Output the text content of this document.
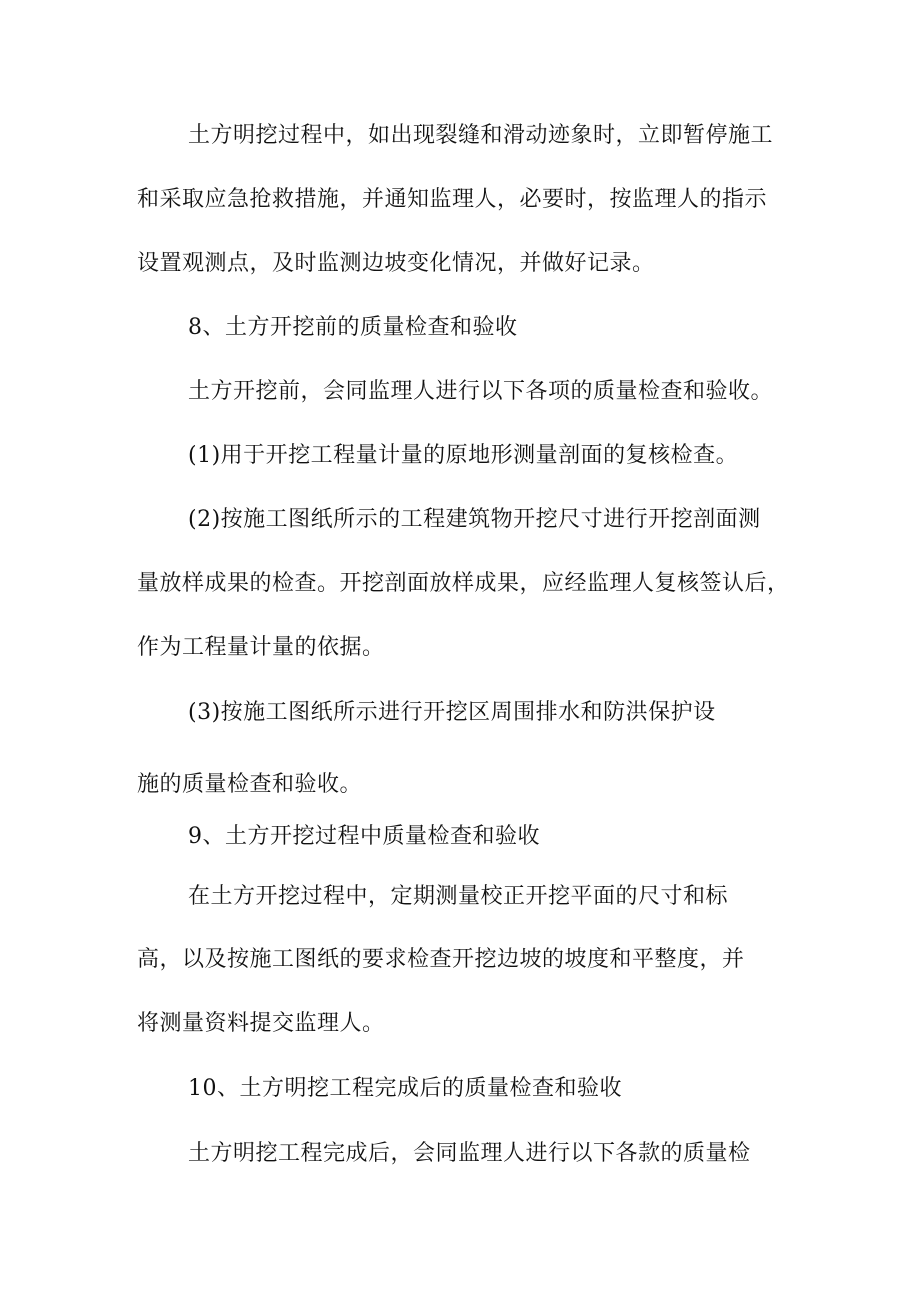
土方明挖过程中，如出现裂缝和滑动迹象时，立即暂停施工
和采取应急抢救措施，并通知监理人，必要时，按监理人的指示
设置观测点，及时监测边坡变化情况，并做好记录。
8、土方开挖前的质量检查和验收
土方开挖前，会同监理人进行以下各项的质量检查和验收。
(1)用于开挖工程量计量的原地形测量剖面的复核检查。
(2)按施工图纸所示的工程建筑物开挖尺寸进行开挖剖面测
量放样成果的检查。开挖剖面放样成果，应经监理人复核签认后，
作为工程量计量的依据。
(3)按施工图纸所示进行开挖区周围排水和防洪保护设
施的质量检查和验收。
9、土方开挖过程中质量检查和验收
在土方开挖过程中，定期测量校正开挖平面的尺寸和标
高，以及按施工图纸的要求检查开挖边坡的坡度和平整度，并
将测量资料提交监理人。
10、土方明挖工程完成后的质量检查和验收
土方明挖工程完成后，会同监理人进行以下各款的质量检
